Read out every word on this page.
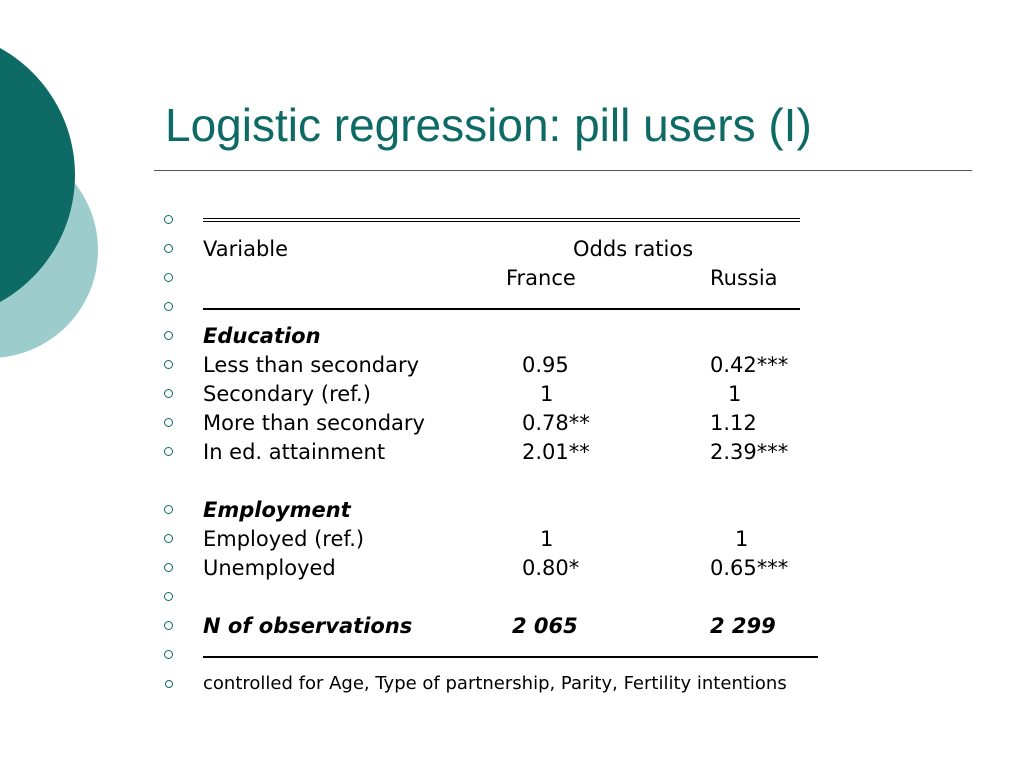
Logistic regression: pill users (I)
Variable	Odds ratios
France	Russia
Education
Less than secondary	0.95	0.42***
Secondary (ref.)	1	1
More than secondary	0.78**	1.12
In ed. attainment	2.01**	2.39***
Employment
Employed (ref.)	1	1
Unemployed	0.80*	0.65***
N of observations	2 065	2 299
controlled for Age, Type of partnership, Parity, Fertility intentions
